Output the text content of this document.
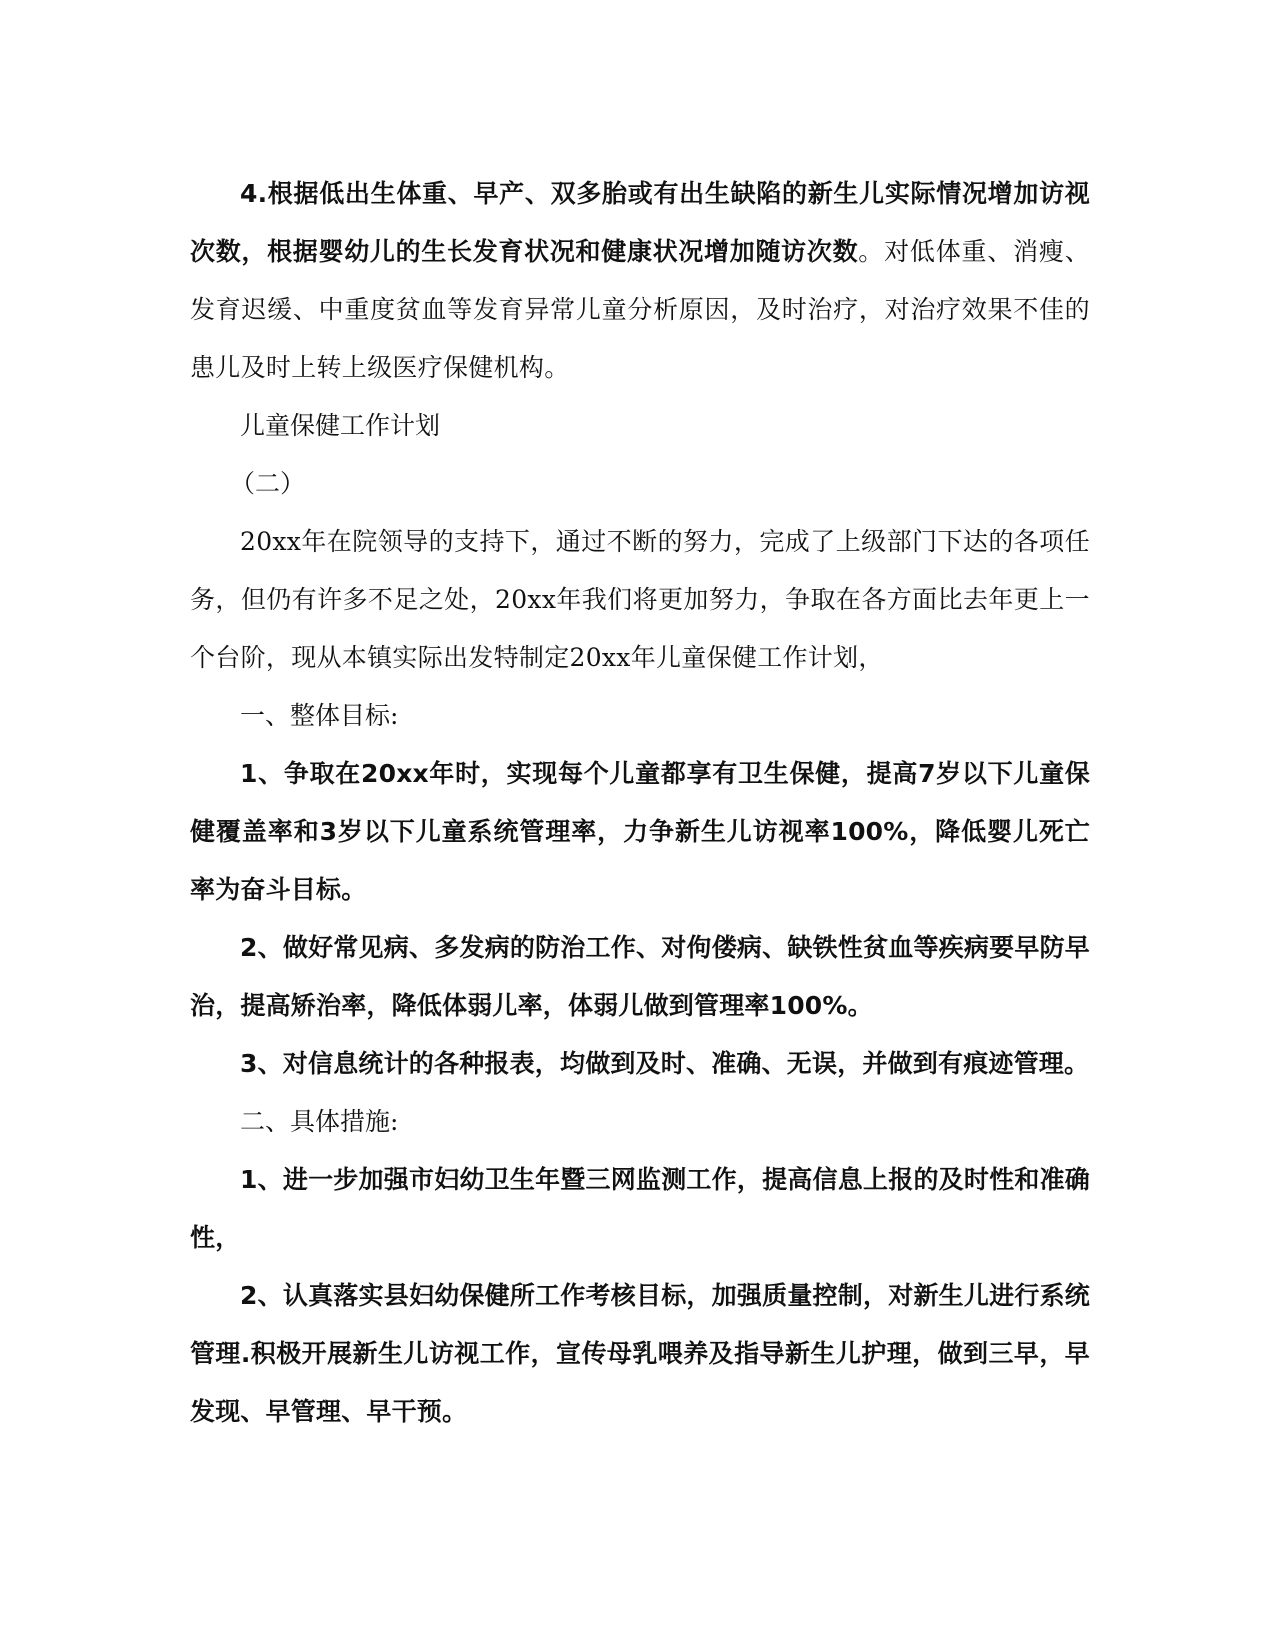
4.根据低出生体重、早产、双多胎或有出生缺陷的新生儿实际情况增加访视次数，根据婴幼儿的生长发育状况和健康状况增加随访次数。对低体重、消瘦、发育迟缓、中重度贫血等发育异常儿童分析原因，及时治疗，对治疗效果不佳的患儿及时上转上级医疗保健机构。

儿童保健工作计划

（二）

20xx年在院领导的支持下，通过不断的努力，完成了上级部门下达的各项任务，但仍有许多不足之处，20xx年我们将更加努力，争取在各方面比去年更上一个台阶，现从本镇实际出发特制定20xx年儿童保健工作计划，

一、整体目标:

1、争取在20xx年时，实现每个儿童都享有卫生保健，提高7岁以下儿童保健覆盖率和3岁以下儿童系统管理率，力争新生儿访视率100%，降低婴儿死亡率为奋斗目标。

2、做好常见病、多发病的防治工作、对佝偻病、缺铁性贫血等疾病要早防早治，提高矫治率，降低体弱儿率，体弱儿做到管理率100%。

3、对信息统计的各种报表，均做到及时、准确、无误，并做到有痕迹管理。

二、具体措施:

1、进一步加强市妇幼卫生年暨三网监测工作，提高信息上报的及时性和准确性，

2、认真落实县妇幼保健所工作考核目标，加强质量控制，对新生儿进行系统管理.积极开展新生儿访视工作，宣传母乳喂养及指导新生儿护理，做到三早，早发现、早管理、早干预。
